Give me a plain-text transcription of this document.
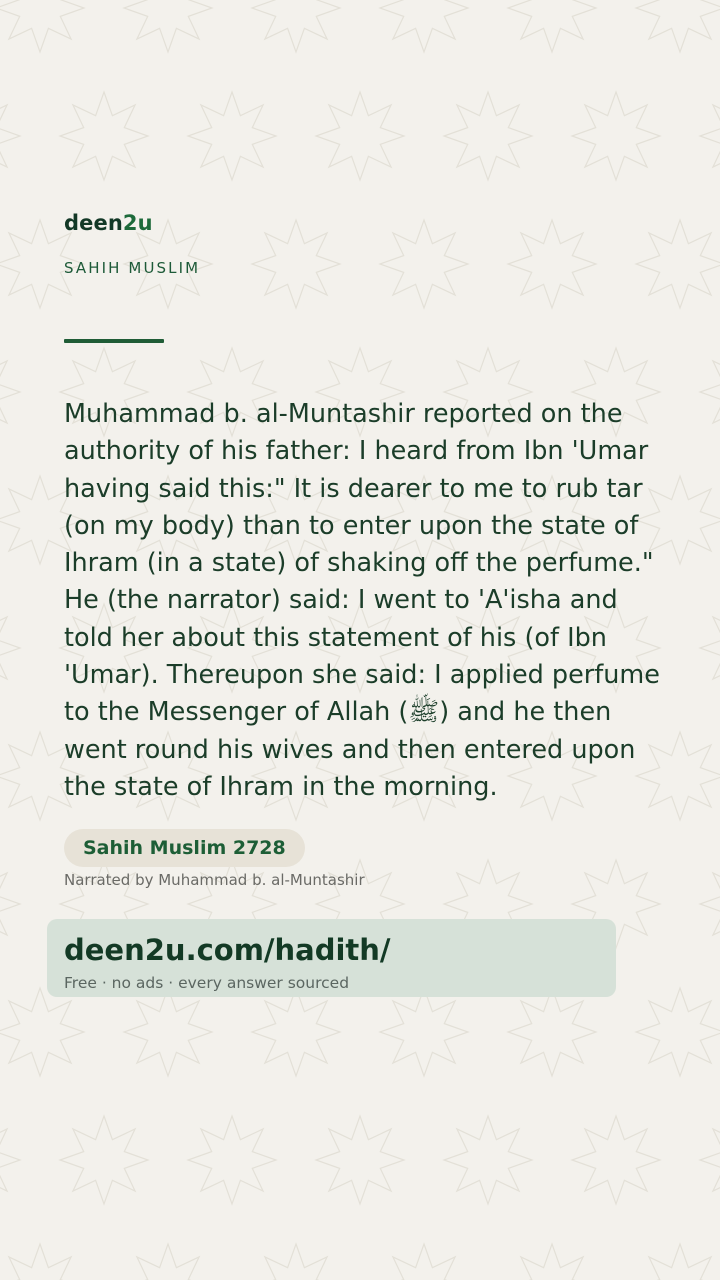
deen2u
SAHIH MUSLIM

Muhammad b. al-Muntashir reported on the authority of his father: I heard from Ibn 'Umar having said this:" It is dearer to me to rub tar (on my body) than to enter upon the state of Ihram (in a state) of shaking off the perfume." He (the narrator) said: I went to 'A'isha and told her about this statement of his (of Ibn 'Umar). Thereupon she said: I applied perfume to the Messenger of Allah (ﷺ) and he then went round his wives and then entered upon the state of Ihram in the morning.

Sahih Muslim 2728
Narrated by Muhammad b. al-Muntashir
deen2u.com/hadith/
Free · no ads · every answer sourced
